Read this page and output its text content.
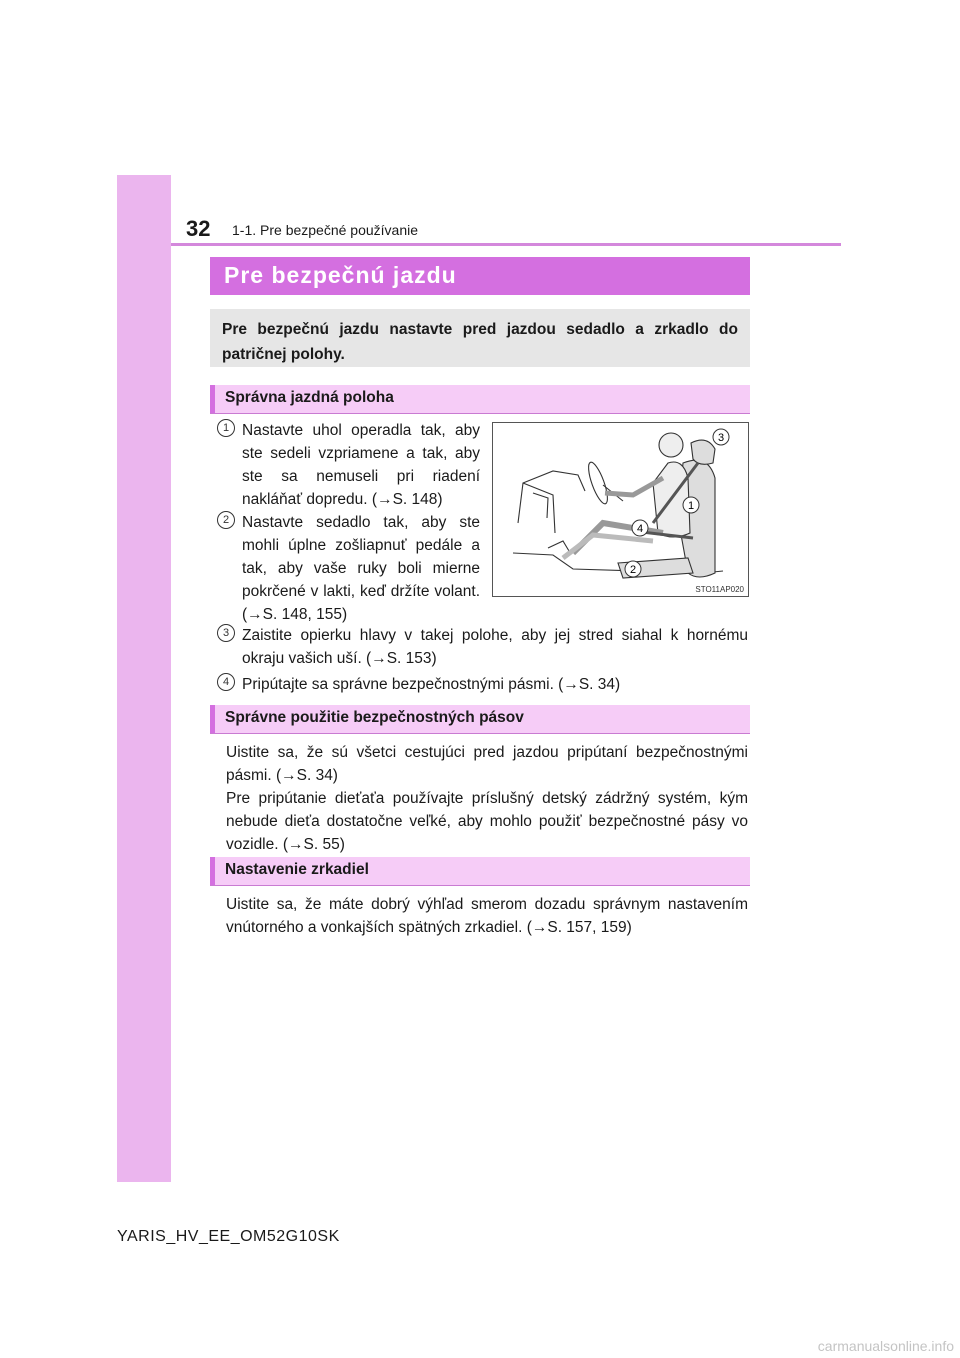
32 1-1. Pre bezpečné používanie
Pre bezpečnú jazdu

Pre bezpečnú jazdu nastavte pred jazdou sedadlo a zrkadlo do patričnej polohy.

Správna jazdná poloha
1 Nastavte uhol operadla tak, aby ste sedeli vzpriamene a tak, aby ste sa nemuseli pri riadení nakláňať dopredu. (→S. 148)

2 Nastavte sedadlo tak, aby ste mohli úplne zošliapnuť pedále a tak, aby vaše ruky boli mierne pokrčené v lakti, keď držíte volant. (→S. 148, 155)

3
1
4
2
STO11AP020
3 Zaistite opierku hlavy v takej polohe, aby jej stred siahal k hornému okraju vašich uší. (→S. 153)

4 Pripútajte sa správne bezpečnostnými pásmi. (→S. 34)

Správne použitie bezpečnostných pásov

Uistite sa, že sú všetci cestujúci pred jazdou pripútaní bezpečnostnými pásmi. (→S. 34)

Pre pripútanie dieťaťa používajte príslušný detský zádržný systém, kým nebude dieťa dostatočne veľké, aby mohlo použiť bezpečnostné pásy vo vozidle. (→S. 55)

Nastavenie zrkadiel

Uistite sa, že máte dobrý výhľad smerom dozadu správnym nastavením vnútorného a vonkajších spätných zrkadiel. (→S. 157, 159)

YARIS_HV_EE_OM52G10SK
carmanualsonline.info
